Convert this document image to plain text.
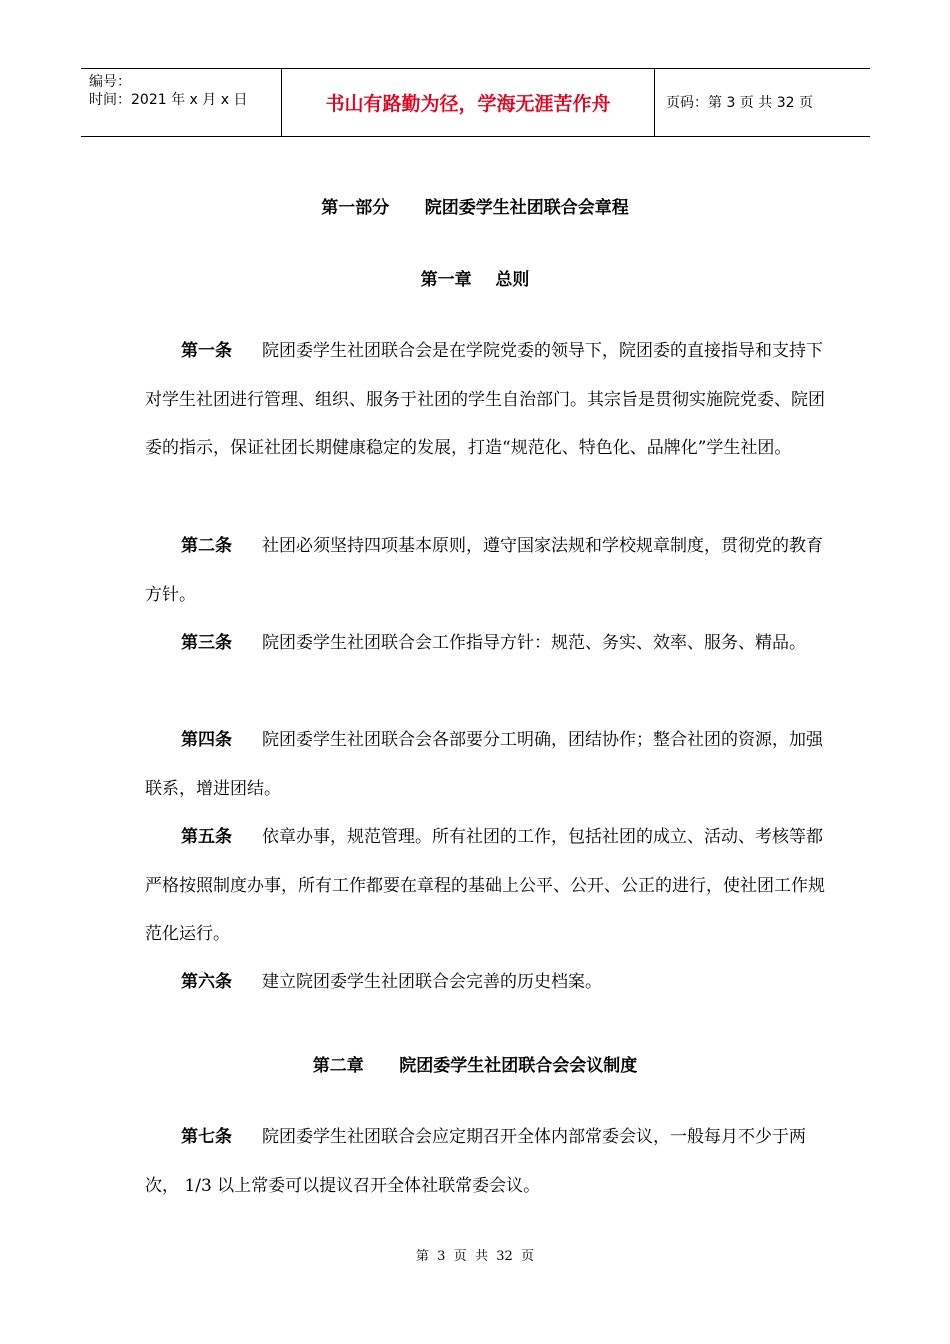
编号：
时间：2021 年 x 月 x 日	书山有路勤为径，学海无涯苦作舟	页码：第 3 页 共 32 页
第一部分      院团委学生社团联合会章程
第一章    总则

第一条 院团委学生社团联合会是在学院党委的领导下，院团委的直接指导和支持下对学生社团进行管理、组织、服务于社团的学生自治部门。其宗旨是贯彻实施院党委、院团委的指示，保证社团长期健康稳定的发展，打造“规范化、特色化、品牌化”学生社团。

第二条 社团必须坚持四项基本原则，遵守国家法规和学校规章制度，贯彻党的教育方针。

第三条 院团委学生社团联合会工作指导方针：规范、务实、效率、服务、精品。

第四条 院团委学生社团联合会各部要分工明确，团结协作；整合社团的资源，加强联系，增进团结。

第五条 依章办事，规范管理。所有社团的工作，包括社团的成立、活动、考核等都严格按照制度办事，所有工作都要在章程的基础上公平、公开、公正的进行，使社团工作规范化运行。

第六条 建立院团委学生社团联合会完善的历史档案。

第二章      院团委学生社团联合会会议制度

第七条 院团委学生社团联合会应定期召开全体内部常委会议，一般每月不少于两次， 1/3 以上常委可以提议召开全体社联常委会议。

第  3  页  共  32  页
